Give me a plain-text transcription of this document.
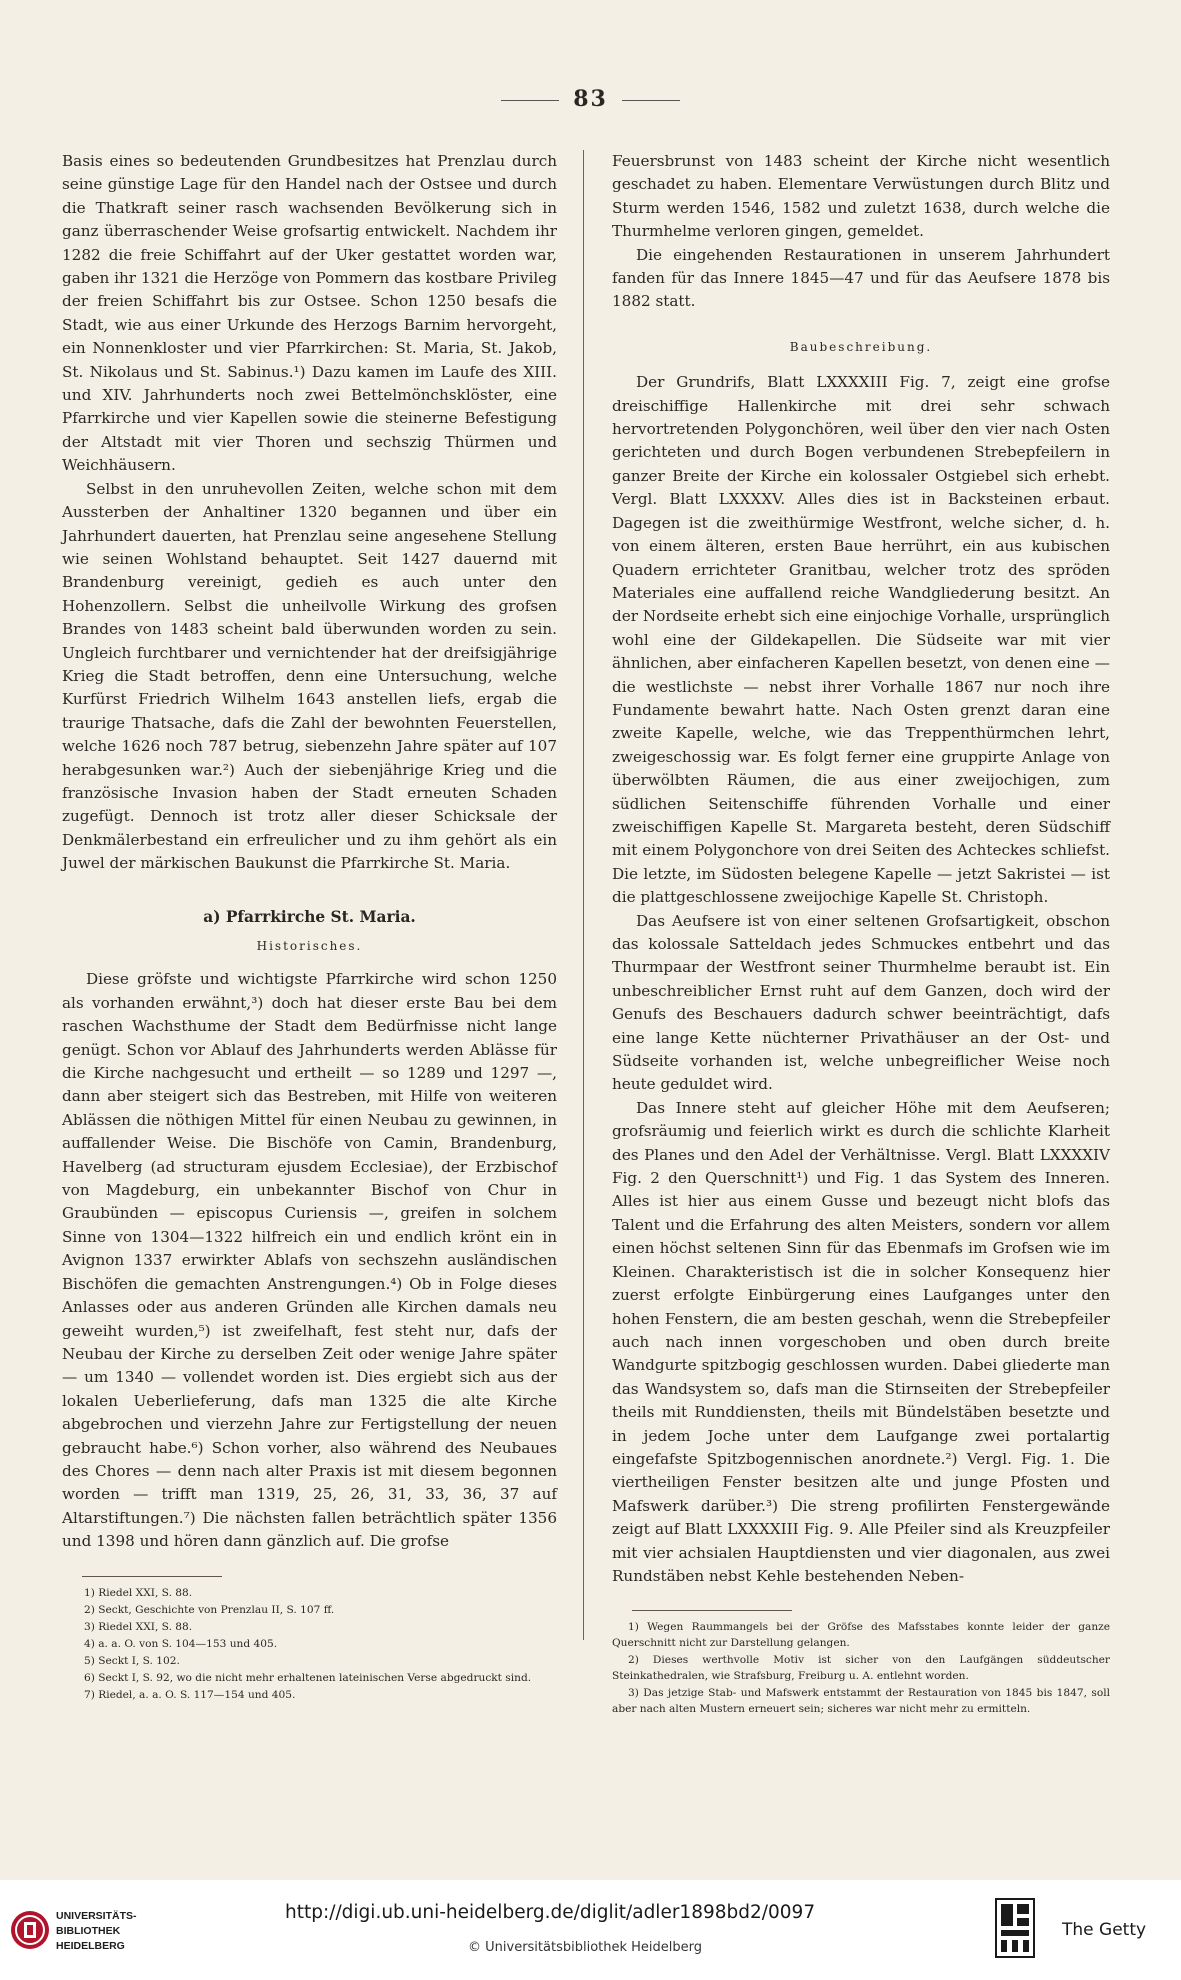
83

Basis eines so bedeutenden Grundbesitzes hat Prenzlau durch seine günstige Lage für den Handel nach der Ostsee und durch die Thatkraft seiner rasch wachsenden Bevölkerung sich in ganz überraschender Weise grofsartig entwickelt. Nachdem ihr 1282 die freie Schiffahrt auf der Uker gestattet worden war, gaben ihr 1321 die Herzöge von Pommern das kostbare Privileg der freien Schiffahrt bis zur Ostsee. Schon 1250 besafs die Stadt, wie aus einer Urkunde des Herzogs Barnim hervorgeht, ein Nonnenkloster und vier Pfarrkirchen: St. Maria, St. Jakob, St. Nikolaus und St. Sabinus.¹) Dazu kamen im Laufe des XIII. und XIV. Jahrhunderts noch zwei Bettelmönchsklöster, eine Pfarrkirche und vier Kapellen sowie die steinerne Befestigung der Altstadt mit vier Thoren und sechszig Thürmen und Weichhäusern.

Selbst in den unruhevollen Zeiten, welche schon mit dem Aussterben der Anhaltiner 1320 begannen und über ein Jahrhundert dauerten, hat Prenzlau seine angesehene Stellung wie seinen Wohlstand behauptet. Seit 1427 dauernd mit Brandenburg vereinigt, gedieh es auch unter den Hohenzollern. Selbst die unheilvolle Wirkung des grofsen Brandes von 1483 scheint bald überwunden worden zu sein. Ungleich furchtbarer und vernichtender hat der dreifsigjährige Krieg die Stadt betroffen, denn eine Untersuchung, welche Kurfürst Friedrich Wilhelm 1643 anstellen liefs, ergab die traurige Thatsache, dafs die Zahl der bewohnten Feuerstellen, welche 1626 noch 787 betrug, siebenzehn Jahre später auf 107 herabgesunken war.²) Auch der siebenjährige Krieg und die französische Invasion haben der Stadt erneuten Schaden zugefügt. Dennoch ist trotz aller dieser Schicksale der Denkmälerbestand ein erfreulicher und zu ihm gehört als ein Juwel der märkischen Baukunst die Pfarrkirche St. Maria.

a) Pfarrkirche St. Maria.
Historisches.

Diese gröfste und wichtigste Pfarrkirche wird schon 1250 als vorhanden erwähnt,³) doch hat dieser erste Bau bei dem raschen Wachsthume der Stadt dem Bedürfnisse nicht lange genügt. Schon vor Ablauf des Jahrhunderts werden Ablässe für die Kirche nachgesucht und ertheilt — so 1289 und 1297 —, dann aber steigert sich das Bestreben, mit Hilfe von weiteren Ablässen die nöthigen Mittel für einen Neubau zu gewinnen, in auffallender Weise. Die Bischöfe von Camin, Brandenburg, Havelberg (ad structuram ejusdem Ecclesiae), der Erzbischof von Magdeburg, ein unbekannter Bischof von Chur in Graubünden — episcopus Curiensis —, greifen in solchem Sinne von 1304—1322 hilfreich ein und endlich krönt ein in Avignon 1337 erwirkter Ablafs von sechszehn ausländischen Bischöfen die gemachten Anstrengungen.⁴) Ob in Folge dieses Anlasses oder aus anderen Gründen alle Kirchen damals neu geweiht wurden,⁵) ist zweifelhaft, fest steht nur, dafs der Neubau der Kirche zu derselben Zeit oder wenige Jahre später — um 1340 — vollendet worden ist. Dies ergiebt sich aus der lokalen Ueberlieferung, dafs man 1325 die alte Kirche abgebrochen und vierzehn Jahre zur Fertigstellung der neuen gebraucht habe.⁶) Schon vorher, also während des Neubaues des Chores — denn nach alter Praxis ist mit diesem begonnen worden — trifft man 1319, 25, 26, 31, 33, 36, 37 auf Altarstiftungen.⁷) Die nächsten fallen beträchtlich später 1356 und 1398 und hören dann gänzlich auf. Die grofse

1) Riedel XXI, S. 88.
2) Seckt, Geschichte von Prenzlau II, S. 107 ff.
3) Riedel XXI, S. 88.
4) a. a. O. von S. 104—153 und 405.
5) Seckt I, S. 102.
6) Seckt I, S. 92, wo die nicht mehr erhaltenen lateinischen Verse abgedruckt sind.
7) Riedel, a. a. O. S. 117—154 und 405.

Feuersbrunst von 1483 scheint der Kirche nicht wesentlich geschadet zu haben. Elementare Verwüstungen durch Blitz und Sturm werden 1546, 1582 und zuletzt 1638, durch welche die Thurmhelme verloren gingen, gemeldet.

Die eingehenden Restaurationen in unserem Jahrhundert fanden für das Innere 1845—47 und für das Aeufsere 1878 bis 1882 statt.

Baubeschreibung.

Der Grundrifs, Blatt LXXXXIII Fig. 7, zeigt eine grofse dreischiffige Hallenkirche mit drei sehr schwach hervortretenden Polygonchören, weil über den vier nach Osten gerichteten und durch Bogen verbundenen Strebepfeilern in ganzer Breite der Kirche ein kolossaler Ostgiebel sich erhebt. Vergl. Blatt LXXXXV. Alles dies ist in Backsteinen erbaut. Dagegen ist die zweithürmige Westfront, welche sicher, d. h. von einem älteren, ersten Baue herrührt, ein aus kubischen Quadern errichteter Granitbau, welcher trotz des spröden Materiales eine auffallend reiche Wandgliederung besitzt. An der Nordseite erhebt sich eine einjochige Vorhalle, ursprünglich wohl eine der Gildekapellen. Die Südseite war mit vier ähnlichen, aber einfacheren Kapellen besetzt, von denen eine — die westlichste — nebst ihrer Vorhalle 1867 nur noch ihre Fundamente bewahrt hatte. Nach Osten grenzt daran eine zweite Kapelle, welche, wie das Treppenthürmchen lehrt, zweigeschossig war. Es folgt ferner eine gruppirte Anlage von überwölbten Räumen, die aus einer zweijochigen, zum südlichen Seitenschiffe führenden Vorhalle und einer zweischiffigen Kapelle St. Margareta besteht, deren Südschiff mit einem Polygonchore von drei Seiten des Achteckes schliefst. Die letzte, im Südosten belegene Kapelle — jetzt Sakristei — ist die plattgeschlossene zweijochige Kapelle St. Christoph.

Das Aeufsere ist von einer seltenen Grofsartigkeit, obschon das kolossale Satteldach jedes Schmuckes entbehrt und das Thurmpaar der Westfront seiner Thurmhelme beraubt ist. Ein unbeschreiblicher Ernst ruht auf dem Ganzen, doch wird der Genufs des Beschauers dadurch schwer beeinträchtigt, dafs eine lange Kette nüchterner Privathäuser an der Ost- und Südseite vorhanden ist, welche unbegreiflicher Weise noch heute geduldet wird.

Das Innere steht auf gleicher Höhe mit dem Aeufseren; grofsräumig und feierlich wirkt es durch die schlichte Klarheit des Planes und den Adel der Verhältnisse. Vergl. Blatt LXXXXIV Fig. 2 den Querschnitt¹) und Fig. 1 das System des Inneren. Alles ist hier aus einem Gusse und bezeugt nicht blofs das Talent und die Erfahrung des alten Meisters, sondern vor allem einen höchst seltenen Sinn für das Ebenmafs im Grofsen wie im Kleinen. Charakteristisch ist die in solcher Konsequenz hier zuerst erfolgte Einbürgerung eines Laufganges unter den hohen Fenstern, die am besten geschah, wenn die Strebepfeiler auch nach innen vorgeschoben und oben durch breite Wandgurte spitzbogig geschlossen wurden. Dabei gliederte man das Wandsystem so, dafs man die Stirnseiten der Strebepfeiler theils mit Runddiensten, theils mit Bündelstäben besetzte und in jedem Joche unter dem Laufgange zwei portalartig eingefafste Spitzbogennischen anordnete.²) Vergl. Fig. 1. Die viertheiligen Fenster besitzen alte und junge Pfosten und Mafswerk darüber.³) Die streng profilirten Fenstergewände zeigt auf Blatt LXXXXIII Fig. 9. Alle Pfeiler sind als Kreuzpfeiler mit vier achsialen Hauptdiensten und vier diagonalen, aus zwei Rundstäben nebst Kehle bestehenden Neben-

1) Wegen Raummangels bei der Gröfse des Mafsstabes konnte leider der ganze Querschnitt nicht zur Darstellung gelangen.
2) Dieses werthvolle Motiv ist sicher von den Laufgängen süddeutscher Steinkathedralen, wie Strafsburg, Freiburg u. A. entlehnt worden.
3) Das jetzige Stab- und Mafswerk entstammt der Restauration von 1845 bis 1847, soll aber nach alten Mustern erneuert sein; sicheres war nicht mehr zu ermitteln.
UNIVERSITÄTS-
BIBLIOTHEK
HEIDELBERG
http://digi.ub.uni-heidelberg.de/diglit/adler1898bd2/0097
© Universitätsbibliothek Heidelberg
The Getty
